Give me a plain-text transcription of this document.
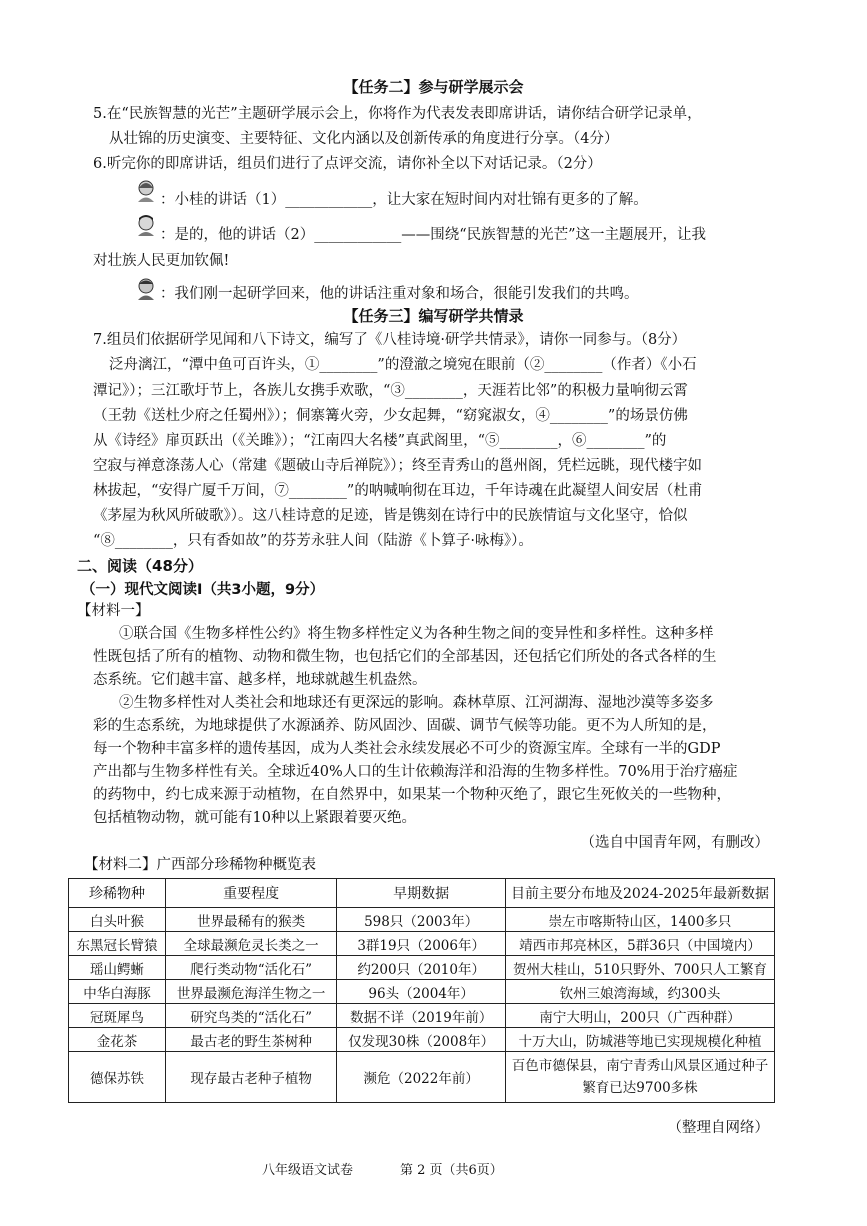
【任务二】参与研学展示会
5.在“民族智慧的光芒”主题研学展示会上，你将作为代表发表即席讲话，请你结合研学记录单，
从壮锦的历史演变、主要特征、文化内涵以及创新传承的角度进行分享。（4分）
6.听完你的即席讲话，组员们进行了点评交流，请你补全以下对话记录。（2分）
：小桂的讲话（1）____________，让大家在短时间内对壮锦有更多的了解。
：是的，他的讲话（2）____________——围绕“民族智慧的光芒”这一主题展开，让我
对壮族人民更加钦佩!
：我们刚一起研学回来，他的讲话注重对象和场合，很能引发我们的共鸣。
【任务三】编写研学共情录
7.组员们依据研学见闻和八下诗文，编写了《八桂诗境·研学共情录》，请你一同参与。（8分）
泛舟漓江，“潭中鱼可百许头，①________”的澄澈之境宛在眼前（②________（作者）《小石
潭记》）；三江歌圩节上，各族儿女携手欢歌，“③________，天涯若比邻”的积极力量响彻云霄
（王勃《送杜少府之任蜀州》）；侗寨篝火旁，少女起舞，“窈窕淑女，④________”的场景仿佛
从《诗经》扉页跃出（《关雎》）；“江南四大名楼”真武阁里，“⑤________，⑥________”的
空寂与禅意涤荡人心（常建《题破山寺后禅院》）；终至青秀山的邕州阁，凭栏远眺，现代楼宇如
林拔起，“安得广厦千万间，⑦________”的呐喊响彻在耳边，千年诗魂在此凝望人间安居（杜甫
《茅屋为秋风所破歌》）。这八桂诗意的足迹，皆是镌刻在诗行中的民族情谊与文化坚守，恰似
“⑧________，只有香如故”的芬芳永驻人间（陆游《卜算子·咏梅》）。
二、阅读（48分）
（一）现代文阅读Ⅰ（共3小题，9分）
【材料一】
①联合国《生物多样性公约》将生物多样性定义为各种生物之间的变异性和多样性。这种多样
性既包括了所有的植物、动物和微生物，也包括它们的全部基因，还包括它们所处的各式各样的生
态系统。它们越丰富、越多样，地球就越生机盎然。
②生物多样性对人类社会和地球还有更深远的影响。森林草原、江河湖海、湿地沙漠等多姿多
彩的生态系统，为地球提供了水源涵养、防风固沙、固碳、调节气候等功能。更不为人所知的是，
每一个物种丰富多样的遗传基因，成为人类社会永续发展必不可少的资源宝库。全球有一半的GDP
产出都与生物多样性有关。全球近40%人口的生计依赖海洋和沿海的生物多样性。70%用于治疗癌症
的药物中，约七成来源于动植物，在自然界中，如果某一个物种灭绝了，跟它生死攸关的一些物种，
包括植物动物，就可能有10种以上紧跟着要灭绝。
（选自中国青年网，有删改）
【材料二】广西部分珍稀物种概览表
珍稀物种	重要程度	早期数据	目前主要分布地及2024-2025年最新数据
白头叶猴	世界最稀有的猴类	598只（2003年）	崇左市喀斯特山区，1400多只
东黑冠长臂猿	全球最濒危灵长类之一	3群19只（2006年）	靖西市邦亮林区，5群36只（中国境内）
瑶山鳄蜥	爬行类动物“活化石”	约200只（2010年）	贺州大桂山，510只野外、700只人工繁育
中华白海豚	世界最濒危海洋生物之一	96头（2004年）	钦州三娘湾海域，约300头
冠斑犀鸟	研究鸟类的“活化石”	数据不详（2019年前）	南宁大明山，200只（广西种群）
金花茶	最古老的野生茶树种	仅发现30株（2008年）	十万大山，防城港等地已实现规模化种植
德保苏铁	现存最古老种子植物	濒危（2022年前）	百色市德保县，南宁青秀山风景区通过种子繁育已达9700多株
（整理自网络）
八年级语文试卷	第 2 页（共6页）
